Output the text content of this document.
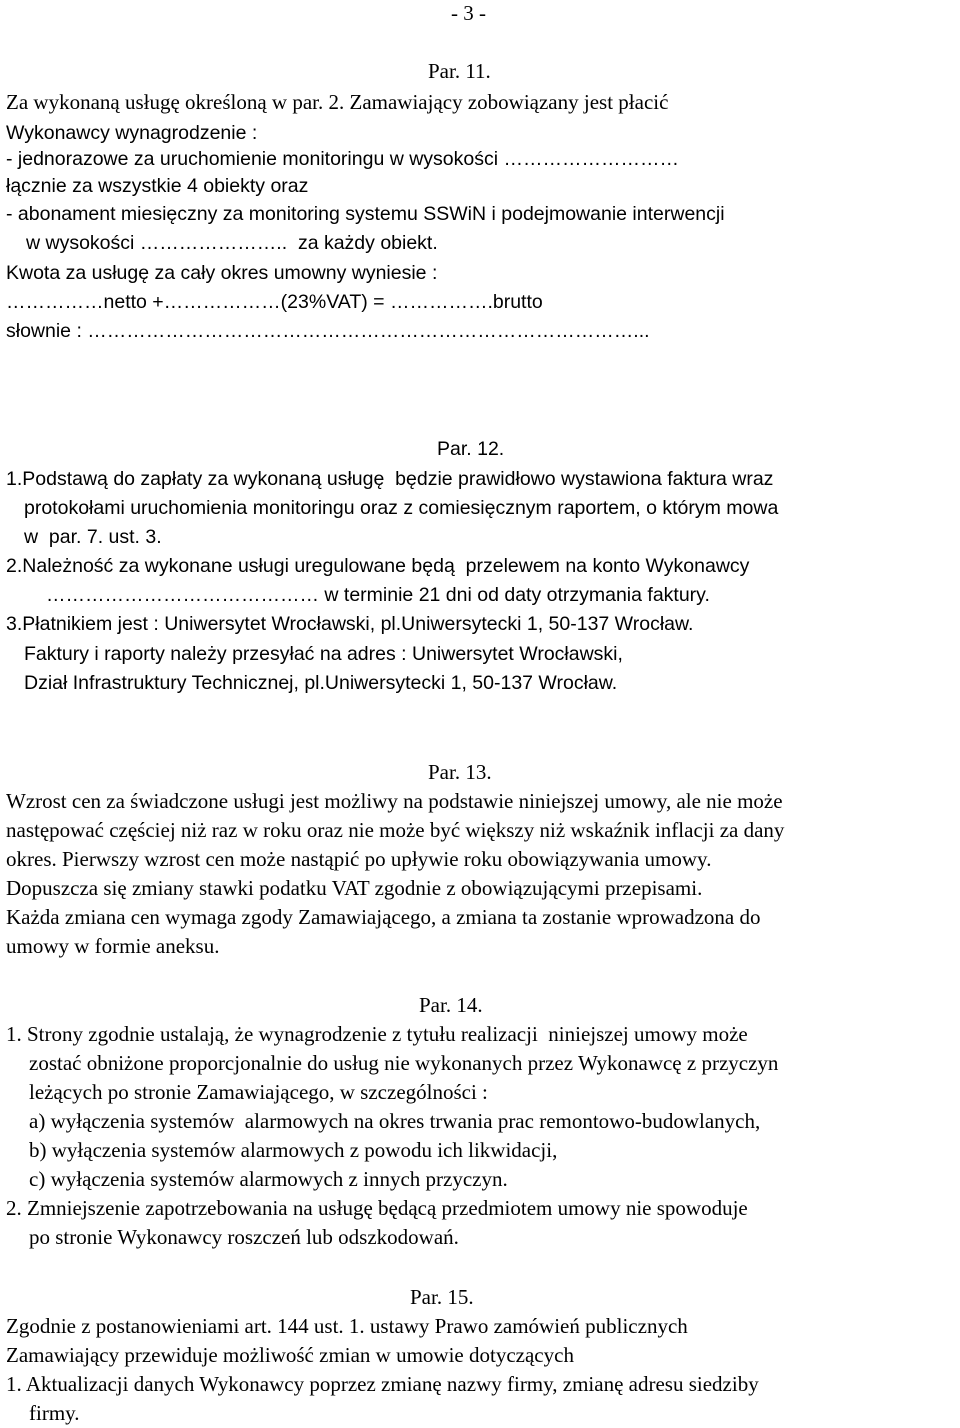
- 3 -
Par. 11.
Za wykonaną usługę określoną w par. 2. Zamawiający zobowiązany jest płacić
Wykonawcy wynagrodzenie :
- jednorazowe za uruchomienie monitoringu w wysokości ………………………
łącznie za wszystkie 4 obiekty oraz
- abonament miesięczny za monitoring systemu SSWiN i podejmowanie interwencji
w wysokości …………………..  za każdy obiekt.
Kwota za usługę za cały okres umowny wyniesie :
……………netto +………………(23%VAT) = …………….brutto
słownie : …………………………………………………………………………...
Par. 12.
1.Podstawą do zapłaty za wykonaną usługę  będzie prawidłowo wystawiona faktura wraz
protokołami uruchomienia monitoringu oraz z comiesięcznym raportem, o którym mowa
w  par. 7. ust. 3.
2.Należność za wykonane usługi uregulowane będą  przelewem na konto Wykonawcy
…………………………………… w terminie 21 dni od daty otrzymania faktury.
3.Płatnikiem jest : Uniwersytet Wrocławski, pl.Uniwersytecki 1, 50-137 Wrocław.
Faktury i raporty należy przesyłać na adres : Uniwersytet Wrocławski,
Dział Infrastruktury Technicznej, pl.Uniwersytecki 1, 50-137 Wrocław.
Par. 13.
Wzrost cen za świadczone usługi jest możliwy na podstawie niniejszej umowy, ale nie może
następować częściej niż raz w roku oraz nie może być większy niż wskaźnik inflacji za dany
okres. Pierwszy wzrost cen może nastąpić po upływie roku obowiązywania umowy.
Dopuszcza się zmiany stawki podatku VAT zgodnie z obowiązującymi przepisami.
Każda zmiana cen wymaga zgody Zamawiającego, a zmiana ta zostanie wprowadzona do
umowy w formie aneksu.
Par. 14.
1. Strony zgodnie ustalają, że wynagrodzenie z tytułu realizacji  niniejszej umowy może
zostać obniżone proporcjonalnie do usług nie wykonanych przez Wykonawcę z przyczyn
leżących po stronie Zamawiającego, w szczególności :
a) wyłączenia systemów  alarmowych na okres trwania prac remontowo-budowlanych,
b) wyłączenia systemów alarmowych z powodu ich likwidacji,
c) wyłączenia systemów alarmowych z innych przyczyn.
2. Zmniejszenie zapotrzebowania na usługę będącą przedmiotem umowy nie spowoduje
po stronie Wykonawcy roszczeń lub odszkodowań.
Par. 15.
Zgodnie z postanowieniami art. 144 ust. 1. ustawy Prawo zamówień publicznych
Zamawiający przewiduje możliwość zmian w umowie dotyczących
1. Aktualizacji danych Wykonawcy poprzez zmianę nazwy firmy, zmianę adresu siedziby
firmy.
